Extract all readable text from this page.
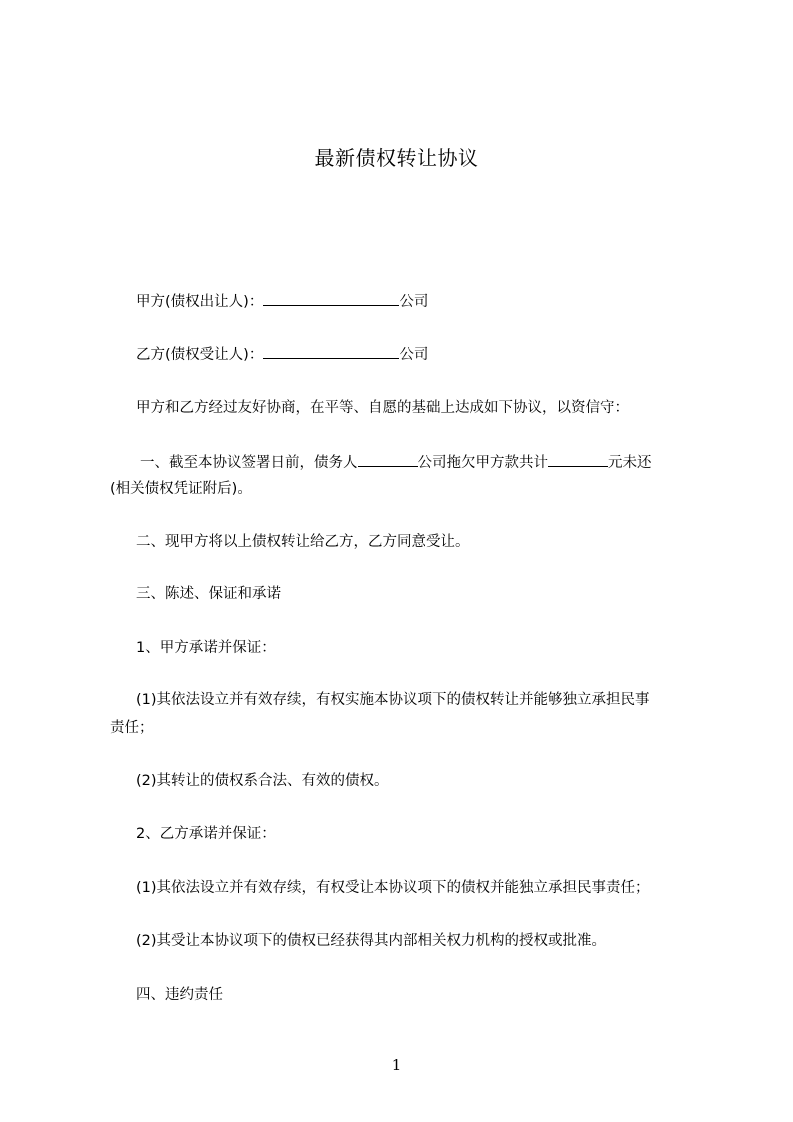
最新债权转让协议
甲方(债权出让人)：	公司
乙方(债权受让人)：	公司
甲方和乙方经过友好协商，在平等、自愿的基础上达成如下协议，以资信守：
一、截至本协议签署日前，债务人	公司拖欠甲方款共计	元未还
(相关债权凭证附后)。
二、现甲方将以上债权转让给乙方，乙方同意受让。
三、陈述、保证和承诺
1、甲方承诺并保证：
(1)其依法设立并有效存续，有权实施本协议项下的债权转让并能够独立承担民事
责任；
(2)其转让的债权系合法、有效的债权。
2、乙方承诺并保证：
(1)其依法设立并有效存续，有权受让本协议项下的债权并能独立承担民事责任；
(2)其受让本协议项下的债权已经获得其内部相关权力机构的授权或批准。
四、违约责任
1
